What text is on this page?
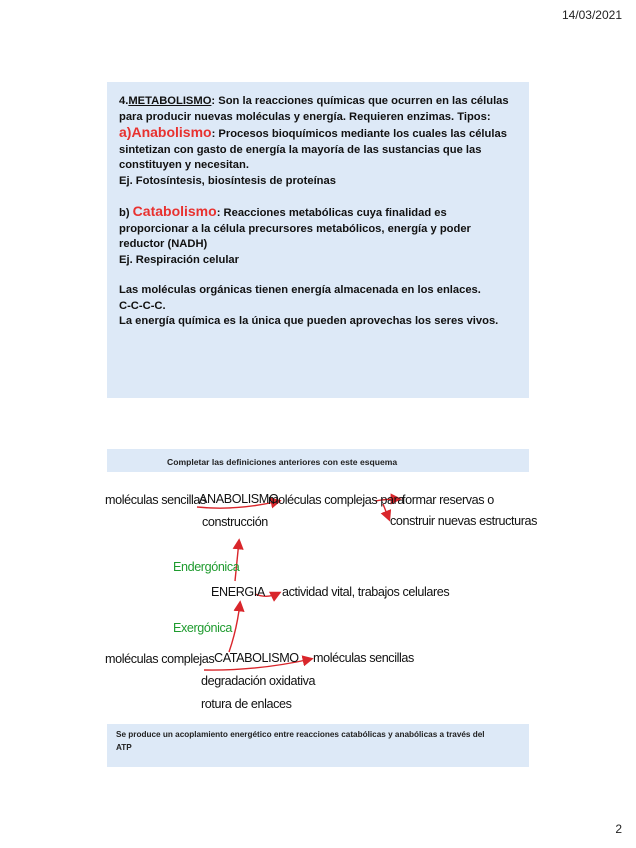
14/03/2021

4.METABOLISMO: Son la reacciones químicas que ocurren en las células para producir nuevas moléculas y energía. Requieren enzimas. Tipos:

a)Anabolismo: Procesos bioquímicos mediante los cuales las células sintetizan con gasto de energía la mayoría de las sustancias que las constituyen y necesitan.

Ej. Fotosíntesis, biosíntesis de proteínas

b) Catabolismo: Reacciones metabólicas cuya finalidad es proporcionar a la célula precursores metabólicos, energía y poder reductor (NADH)

Ej. Respiración celular

Las moléculas orgánicas tienen energía almacenada en los enlaces.

C-C-C-C.

La energía química es la única que pueden aprovechas los seres vivos.

Completar las definiciones anteriores con este esquema
moléculas sencillas
ANABOLISMO
moléculas complejas para
formar reservas o
construir nuevas estructuras
construcción
Endergónica
ENERGIA actividad vital, trabajos celulares
Exergónica
moléculas complejas CATABOLISMO moléculas sencillas
degradación oxidativa
rotura de enlaces
Se produce un acoplamiento energético entre reacciones catabólicas y anabólicas a través del ATP
2
